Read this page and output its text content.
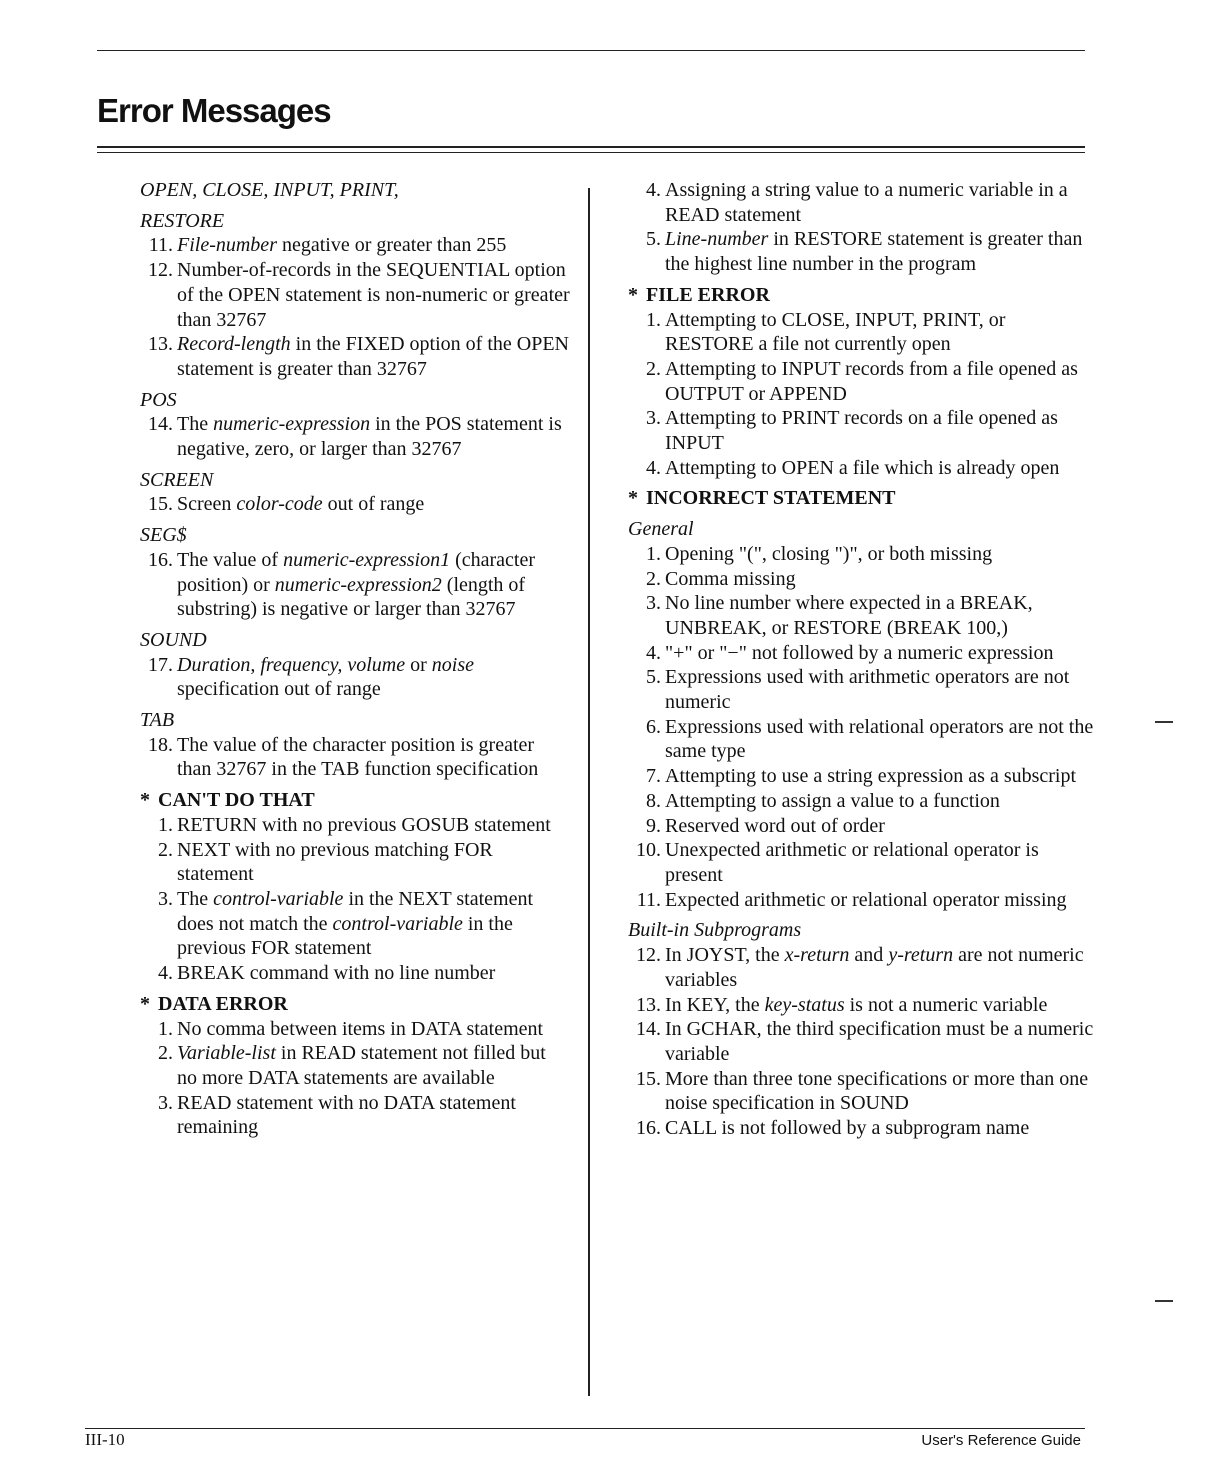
Error Messages
OPEN, CLOSE, INPUT, PRINT,
RESTORE
11. File-number negative or greater than 255
12. Number-of-records in the SEQUENTIAL option of the OPEN statement is non-numeric or greater than 32767
13. Record-length in the FIXED option of the OPEN statement is greater than 32767
POS
14. The numeric-expression in the POS statement is negative, zero, or larger than 32767
SCREEN
15. Screen color-code out of range
SEG$
16. The value of numeric-expression1 (character position) or numeric-expression2 (length of substring) is negative or larger than 32767
SOUND
17. Duration, frequency, volume or noise specification out of range
TAB
18. The value of the character position is greater than 32767 in the TAB function specification
* CAN'T DO THAT
1. RETURN with no previous GOSUB statement
2. NEXT with no previous matching FOR statement
3. The control-variable in the NEXT statement does not match the control-variable in the previous FOR statement
4. BREAK command with no line number
* DATA ERROR
1. No comma between items in DATA statement
2. Variable-list in READ statement not filled but no more DATA statements are available
3. READ statement with no DATA statement remaining
4. Assigning a string value to a numeric variable in a READ statement
5. Line-number in RESTORE statement is greater than the highest line number in the program
* FILE ERROR
1. Attempting to CLOSE, INPUT, PRINT, or RESTORE a file not currently open
2. Attempting to INPUT records from a file opened as OUTPUT or APPEND
3. Attempting to PRINT records on a file opened as INPUT
4. Attempting to OPEN a file which is already open
* INCORRECT STATEMENT
General
1. Opening "(", closing ")", or both missing
2. Comma missing
3. No line number where expected in a BREAK, UNBREAK, or RESTORE (BREAK 100,)
4. "+" or "−" not followed by a numeric expression
5. Expressions used with arithmetic operators are not numeric
6. Expressions used with relational operators are not the same type
7. Attempting to use a string expression as a subscript
8. Attempting to assign a value to a function
9. Reserved word out of order
10. Unexpected arithmetic or relational operator is present
11. Expected arithmetic or relational operator missing
Built-in Subprograms
12. In JOYST, the x-return and y-return are not numeric variables
13. In KEY, the key-status is not a numeric variable
14. In GCHAR, the third specification must be a numeric variable
15. More than three tone specifications or more than one noise specification in SOUND
16. CALL is not followed by a subprogram name
III-10	User's Reference Guide
